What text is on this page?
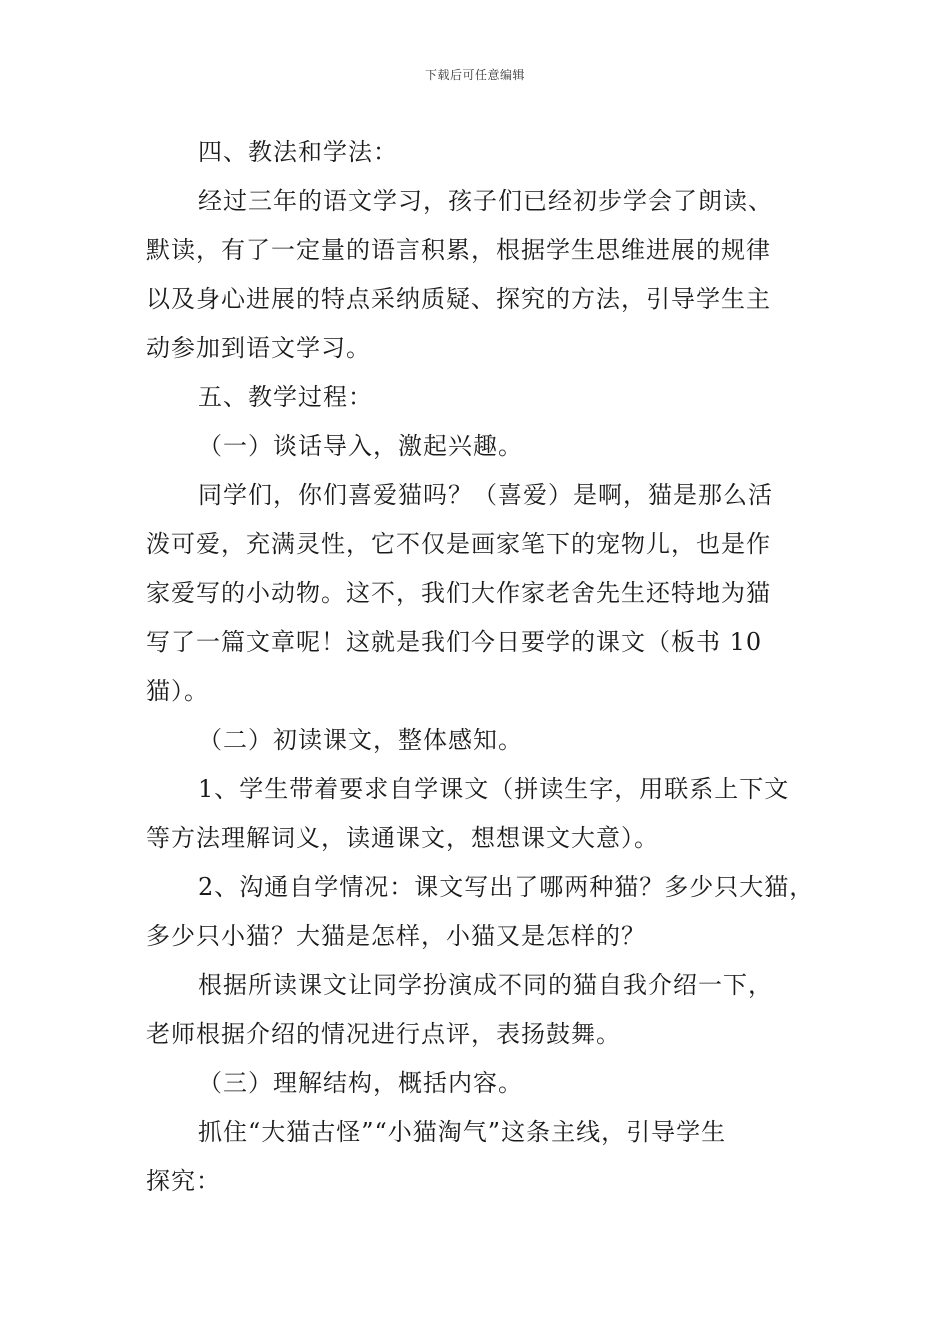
下载后可任意编辑
四、教法和学法：
经过三年的语文学习，孩子们已经初步学会了朗读、
默读，有了一定量的语言积累，根据学生思维进展的规律
以及身心进展的特点采纳质疑、探究的方法，引导学生主
动参加到语文学习。
五、教学过程：
（一）谈话导入，激起兴趣。
同学们，你们喜爱猫吗？（喜爱）是啊，猫是那么活
泼可爱，充满灵性，它不仅是画家笔下的宠物儿，也是作
家爱写的小动物。这不，我们大作家老舍先生还特地为猫
写了一篇文章呢！这就是我们今日要学的课文（板书 10
猫）。
（二）初读课文，整体感知。
1、学生带着要求自学课文（拼读生字，用联系上下文
等方法理解词义，读通课文，想想课文大意）。
2、沟通自学情况：课文写出了哪两种猫？多少只大猫，
多少只小猫？大猫是怎样，小猫又是怎样的？
根据所读课文让同学扮演成不同的猫自我介绍一下，
老师根据介绍的情况进行点评，表扬鼓舞。
（三）理解结构，概括内容。
抓住“大猫古怪”“小猫淘气”这条主线，引导学生
探究：
